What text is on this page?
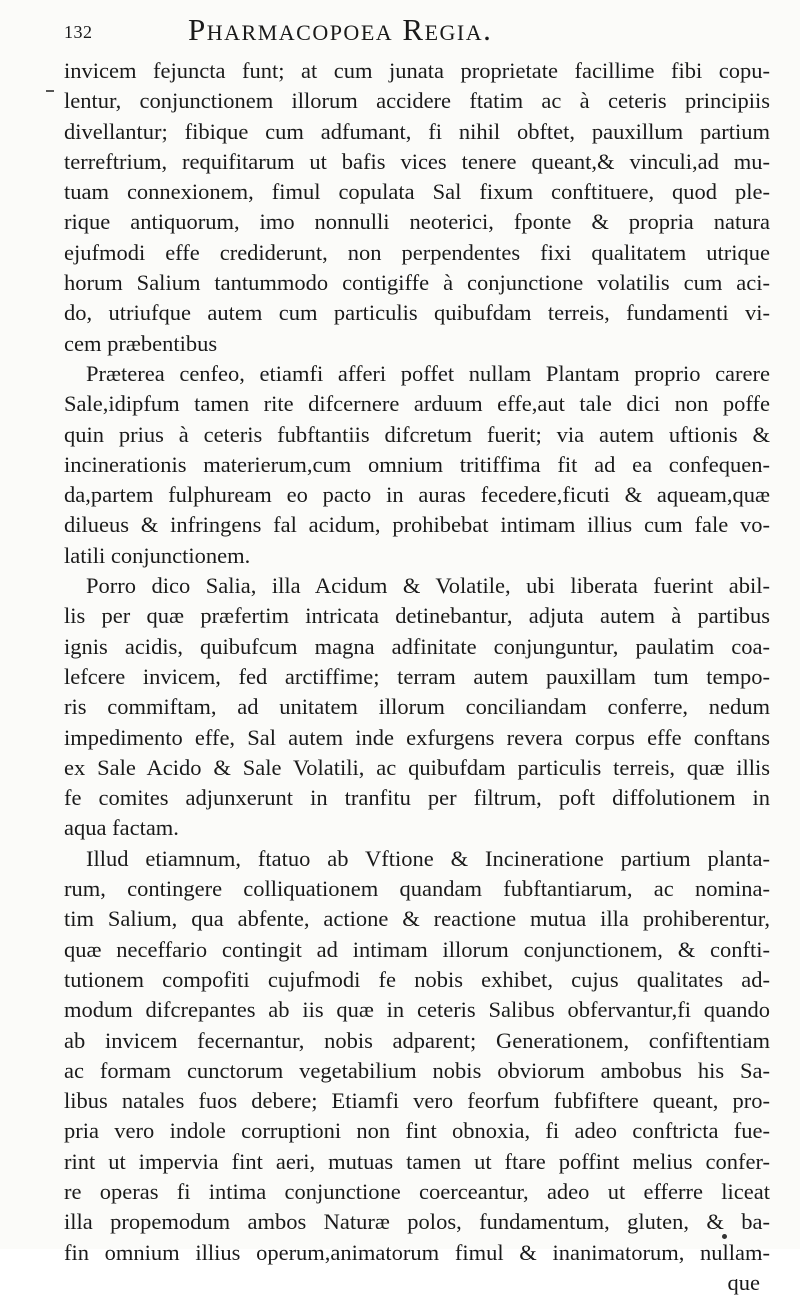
132	Pharmacopoea Regia.
invicem fejuncta funt; at cum junata proprietate facillime fibi copu-
lentur, conjunctionem illorum accidere ftatim ac à ceteris principiis
divellantur; fibique cum adfumant, fi nihil obftet, pauxillum partium
terreftrium, requifitarum ut bafis vices tenere queant,& vinculi,ad mu-
tuam connexionem, fimul copulata Sal fixum conftituere, quod ple-
rique antiquorum, imo nonnulli neoterici, fponte & propria natura
ejufmodi effe crediderunt, non perpendentes fixi qualitatem utrique
horum Salium tantummodo contigiffe à conjunctione volatilis cum aci-
do, utriufque autem cum particulis quibufdam terreis, fundamenti vi-
cem præbentibus
Præterea cenfeo, etiamfi afferi poffet nullam Plantam proprio carere
Sale,idipfum tamen rite difcernere arduum effe,aut tale dici non poffe
quin prius à ceteris fubftantiis difcretum fuerit; via autem uftionis &
incinerationis materierum,cum omnium tritiffima fit ad ea confequen-
da,partem fulphuream eo pacto in auras fecedere,ficuti & aqueam,quæ
dilueus & infringens fal acidum, prohibebat intimam illius cum fale vo-
latili conjunctionem.
Porro dico Salia, illa Acidum & Volatile, ubi liberata fuerint abil-
lis per quæ præfertim intricata detinebantur, adjuta autem à partibus
ignis acidis, quibufcum magna adfinitate conjunguntur, paulatim coa-
lefcere invicem, fed arctiffime; terram autem pauxillam tum tempo-
ris commiftam, ad unitatem illorum conciliandam conferre, nedum
impedimento effe, Sal autem inde exfurgens revera corpus effe conftans
ex Sale Acido & Sale Volatili, ac quibufdam particulis terreis, quæ illis
fe comites adjunxerunt in tranfitu per filtrum, poft diffolutionem in
aqua factam.
Illud etiamnum, ftatuo ab Vftione & Incineratione partium planta-
rum, contingere colliquationem quandam fubftantiarum, ac nomina-
tim Salium, qua abfente, actione & reactione mutua illa prohiberentur,
quæ neceffario contingit ad intimam illorum conjunctionem, & confti-
tutionem compofiti cujufmodi fe nobis exhibet, cujus qualitates ad-
modum difcrepantes ab iis quæ in ceteris Salibus obfervantur,fi quando
ab invicem fecernantur, nobis adparent; Generationem, confiftentiam
ac formam cunctorum vegetabilium nobis obviorum ambobus his Sa-
libus natales fuos debere; Etiamfi vero feorfum fubfiftere queant, pro-
pria vero indole corruptioni non fint obnoxia, fi adeo conftricta fue-
rint ut impervia fint aeri, mutuas tamen ut ftare poffint melius confer-
re operas fi intima conjunctione coerceantur, adeo ut efferre liceat
illa propemodum ambos Naturæ polos, fundamentum, gluten, & ba-
fin omnium illius operum,animatorum fimul & inanimatorum, nullam-
que
